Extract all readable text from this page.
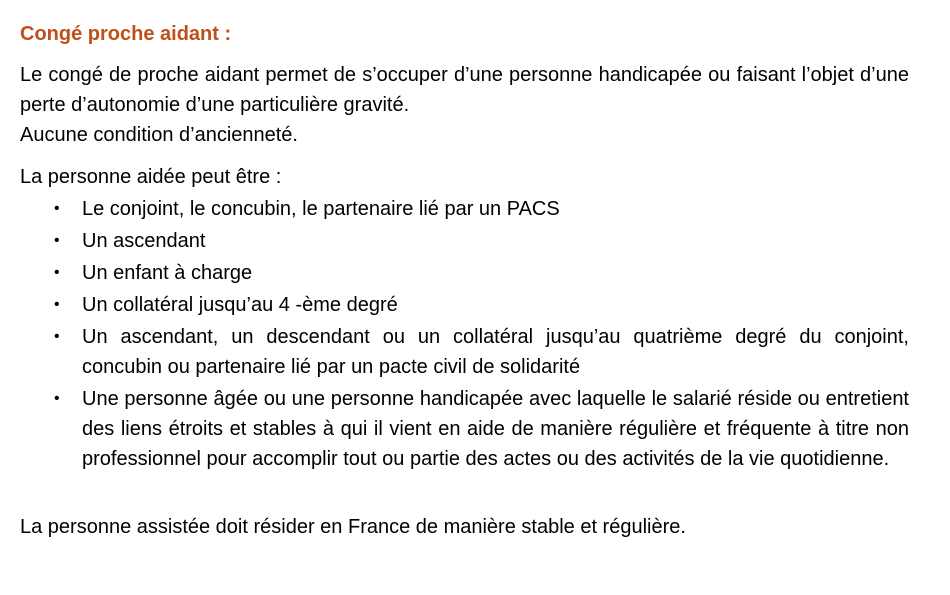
Congé proche aidant :
Le congé de proche aidant permet de s’occuper d’une personne handicapée ou faisant l’objet d’une perte d’autonomie d’une particulière gravité.
Aucune condition d’ancienneté.
La personne aidée peut être :
• Le conjoint, le concubin, le partenaire lié par un PACS
• Un ascendant
• Un enfant à charge
• Un collatéral jusqu’au 4 -ème degré
• Un ascendant, un descendant ou un collatéral jusqu’au quatrième degré du conjoint, concubin ou partenaire lié par un pacte civil de solidarité
• Une personne âgée ou une personne handicapée avec laquelle le salarié réside ou entretient des liens étroits et stables à qui il vient en aide de manière régulière et fréquente à titre non professionnel pour accomplir tout ou partie des actes ou des activités de la vie quotidienne.
La personne assistée doit résider en France de manière stable et régulière.
